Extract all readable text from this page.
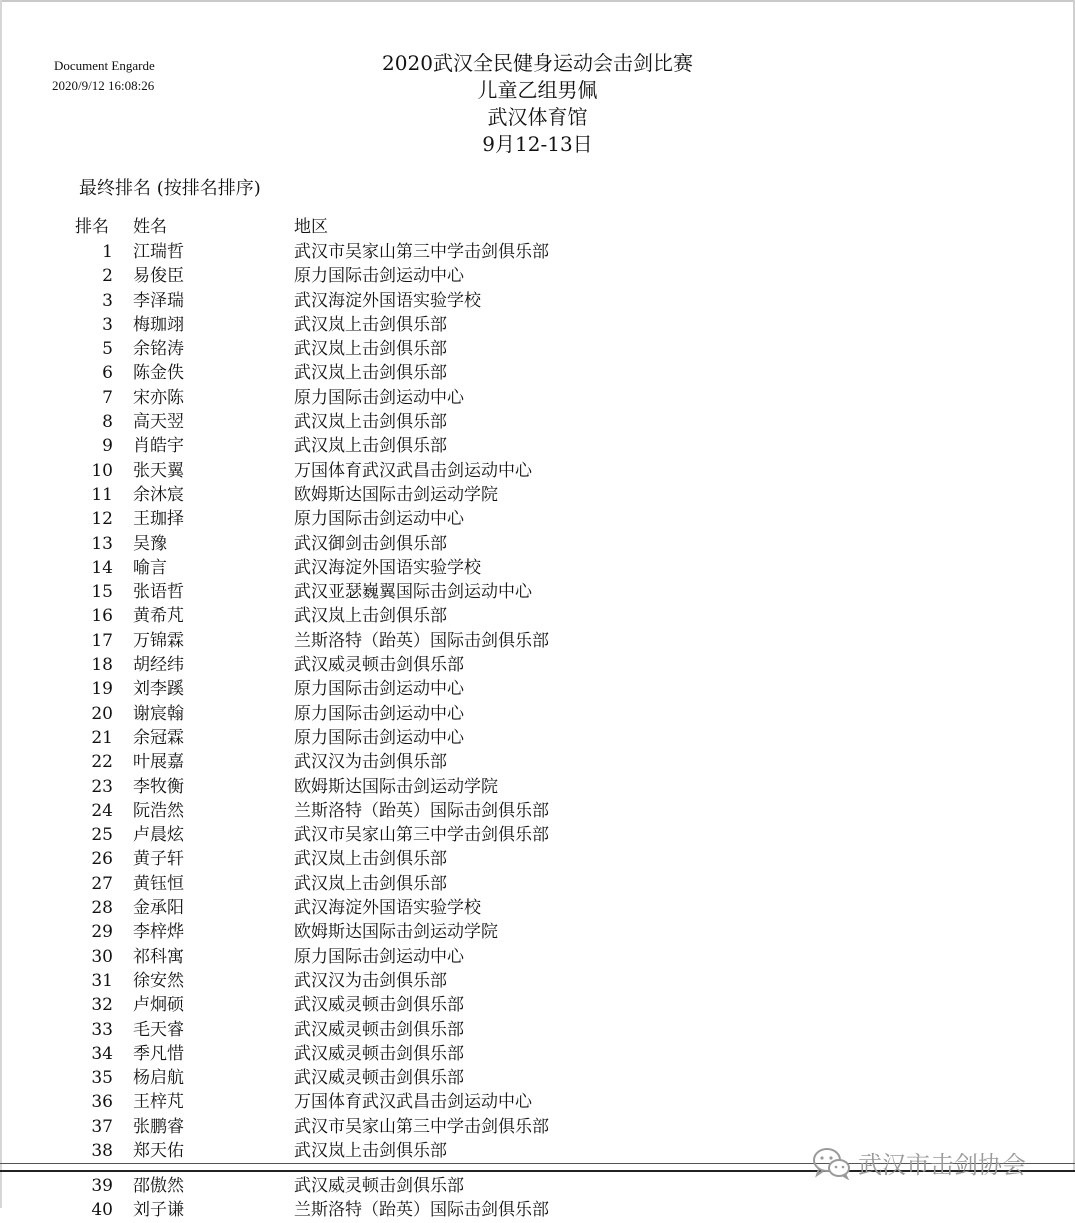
Document Engarde
2020/9/12 16:08:26
2020武汉全民健身运动会击剑比赛
儿童乙组男佩
武汉体育馆
9月12-13日
最终排名 (按排名排序)
排名 姓名	地区
1 江瑞哲	武汉市吴家山第三中学击剑俱乐部
2 易俊臣	原力国际击剑运动中心
3 李泽瑞	武汉海淀外国语实验学校
3 梅珈翊	武汉岚上击剑俱乐部
5 余铭涛	武汉岚上击剑俱乐部
6 陈金佚	武汉岚上击剑俱乐部
7 宋亦陈	原力国际击剑运动中心
8 高天翌	武汉岚上击剑俱乐部
9 肖皓宇	武汉岚上击剑俱乐部
10 张天翼	万国体育武汉武昌击剑运动中心
11 余沐宸	欧姆斯达国际击剑运动学院
12 王珈择	原力国际击剑运动中心
13 吴豫	武汉御剑击剑俱乐部
14 喻言	武汉海淀外国语实验学校
15 张语哲	武汉亚瑟巍翼国际击剑运动中心
16 黄希芃	武汉岚上击剑俱乐部
17 万锦霖	兰斯洛特（跆英）国际击剑俱乐部
18 胡经纬	武汉威灵顿击剑俱乐部
19 刘李蹊	原力国际击剑运动中心
20 谢宸翰	原力国际击剑运动中心
21 余冠霖	原力国际击剑运动中心
22 叶展嘉	武汉汉为击剑俱乐部
23 李牧衡	欧姆斯达国际击剑运动学院
24 阮浩然	兰斯洛特（跆英）国际击剑俱乐部
25 卢晨炫	武汉市吴家山第三中学击剑俱乐部
26 黄子轩	武汉岚上击剑俱乐部
27 黄钰恒	武汉岚上击剑俱乐部
28 金承阳	武汉海淀外国语实验学校
29 李梓烨	欧姆斯达国际击剑运动学院
30 祁科寓	原力国际击剑运动中心
31 徐安然	武汉汉为击剑俱乐部
32 卢炯硕	武汉威灵顿击剑俱乐部
33 毛天睿	武汉威灵顿击剑俱乐部
34 季凡惜	武汉威灵顿击剑俱乐部
35 杨启航	武汉威灵顿击剑俱乐部
36 王梓芃	万国体育武汉武昌击剑运动中心
37 张鹏睿	武汉市吴家山第三中学击剑俱乐部
38 郑天佑	武汉岚上击剑俱乐部
39 邵傲然	武汉威灵顿击剑俱乐部
40 刘子谦	兰斯洛特（跆英）国际击剑俱乐部
武汉市击剑协会
